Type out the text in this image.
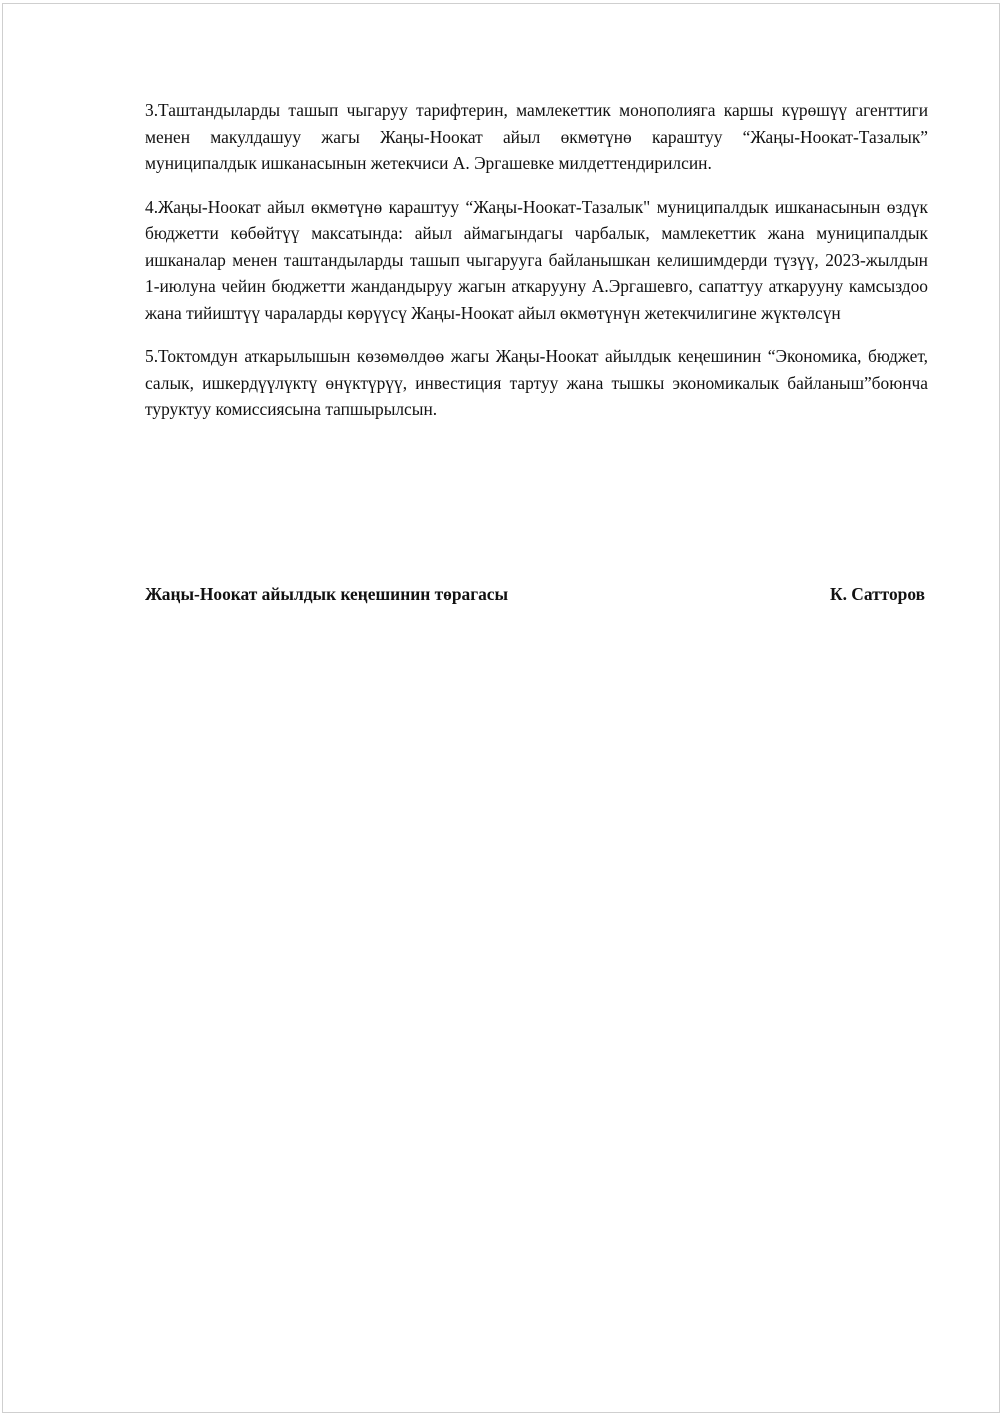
3.Таштандыларды ташып чыгаруу тарифтерин, мамлекеттик монополияга каршы күрөшүү агенттиги менен макулдашуу жагы Жаңы-Ноокат айыл өкмөтүнө караштуу “Жаңы-Ноокат-Тазалык” муниципалдык ишканасынын жетекчиси А. Эргашевке милдеттендирилсин.

4.Жаңы-Ноокат айыл өкмөтүнө караштуу “Жаңы-Ноокат-Тазалык" муниципалдык ишканасынын өздүк бюджетти көбөйтүү максатында: айыл аймагындагы чарбалык, мамлекеттик жана муниципалдык ишканалар менен таштандыларды ташып чыгарууга байланышкан келишимдерди түзүү, 2023-жылдын 1-июлуна чейин бюджетти жандандыруу жагын аткарууну А.Эргашевго, сапаттуу аткарууну камсыздоо жана тийиштүү чараларды көрүүсү Жаңы-Ноокат айыл өкмөтүнүн жетекчилигине жүктөлсүн

5.Токтомдун аткарылышын көзөмөлдөө жагы Жаңы-Ноокат айылдык кеңешинин “Экономика, бюджет, салык, ишкердүүлүктү өнүктүрүү, инвестиция тартуу жана тышкы экономикалык байланыш”боюнча туруктуу комиссиясына тапшырылсын.

Жаңы-Ноокат айылдык кеңешинин төрагасы	К. Сатторов
